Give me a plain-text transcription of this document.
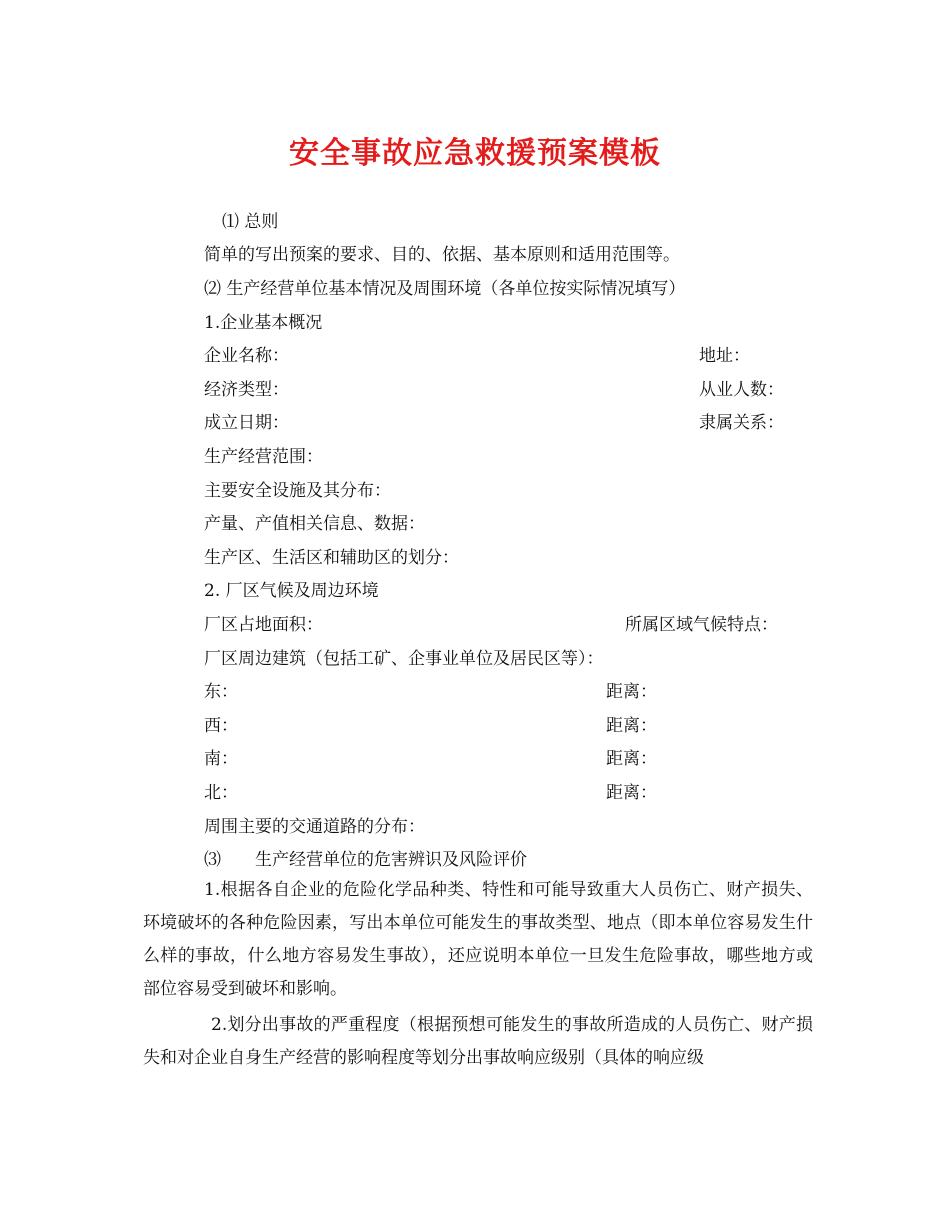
安全事故应急救援预案模板
⑴ 总则
简单的写出预案的要求、目的、依据、基本原则和适用范围等。
⑵ 生产经营单位基本情况及周围环境（各单位按实际情况填写）
1.企业基本概况
企业名称：	地址：
经济类型：	从业人数：
成立日期：	隶属关系：
生产经营范围：
主要安全设施及其分布：
产量、产值相关信息、数据：
生产区、生活区和辅助区的划分：
2. 厂区气候及周边环境
厂区占地面积：	所属区域气候特点：
厂区周边建筑（包括工矿、企事业单位及居民区等）：
东：	距离：
西：	距离：
南：	距离：
北：	距离：
周围主要的交通道路的分布：
⑶　　生产经营单位的危害辨识及风险评价
1.根据各自企业的危险化学品种类、特性和可能导致重大人员伤亡、财产损失、环境破坏的各种危险因素，写出本单位可能发生的事故类型、地点（即本单位容易发生什么样的事故，什么地方容易发生事故），还应说明本单位一旦发生危险事故，哪些地方或部位容易受到破坏和影响。
2.划分出事故的严重程度（根据预想可能发生的事故所造成的人员伤亡、财产损失和对企业自身生产经营的影响程度等划分出事故响应级别（具体的响应级
